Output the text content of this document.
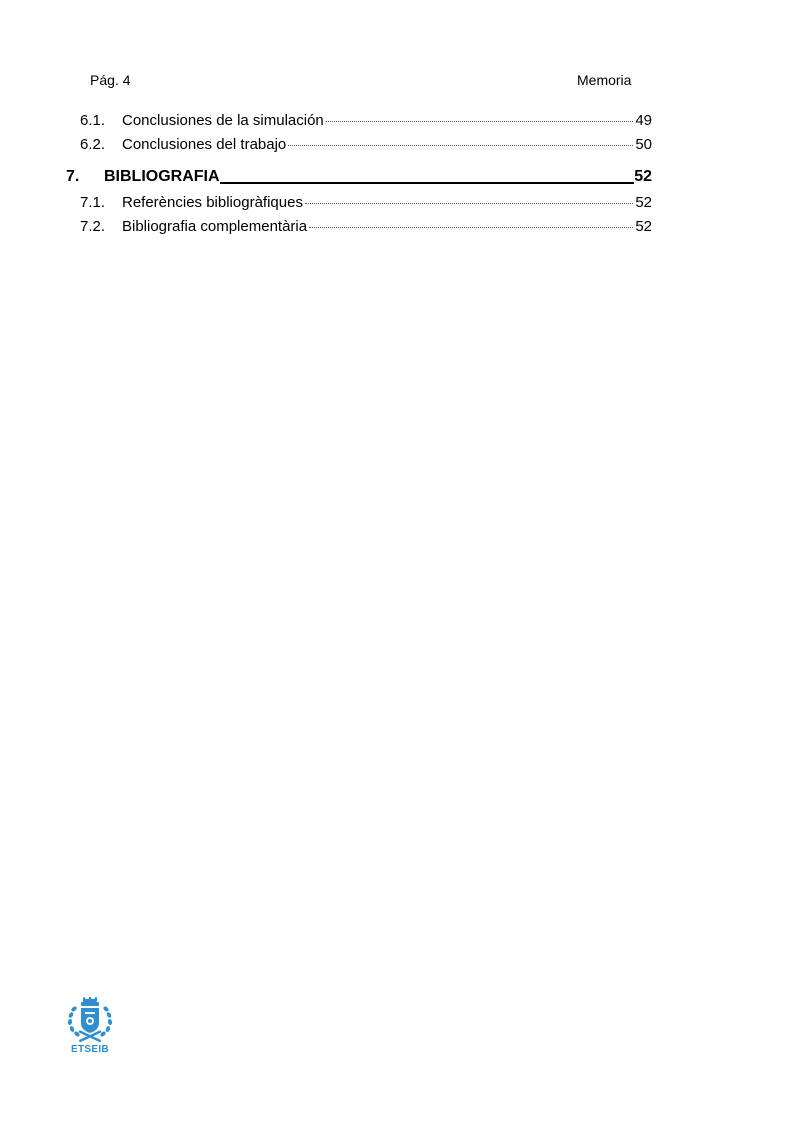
Pág. 4	Memoria
6.1.	Conclusiones de la simulación	49
6.2.	Conclusiones del trabajo	50
7.	BIBLIOGRAFIA	52
7.1.	Referències bibliogràfiques	52
7.2.	Bibliografia complementària	52
ETSEIB
